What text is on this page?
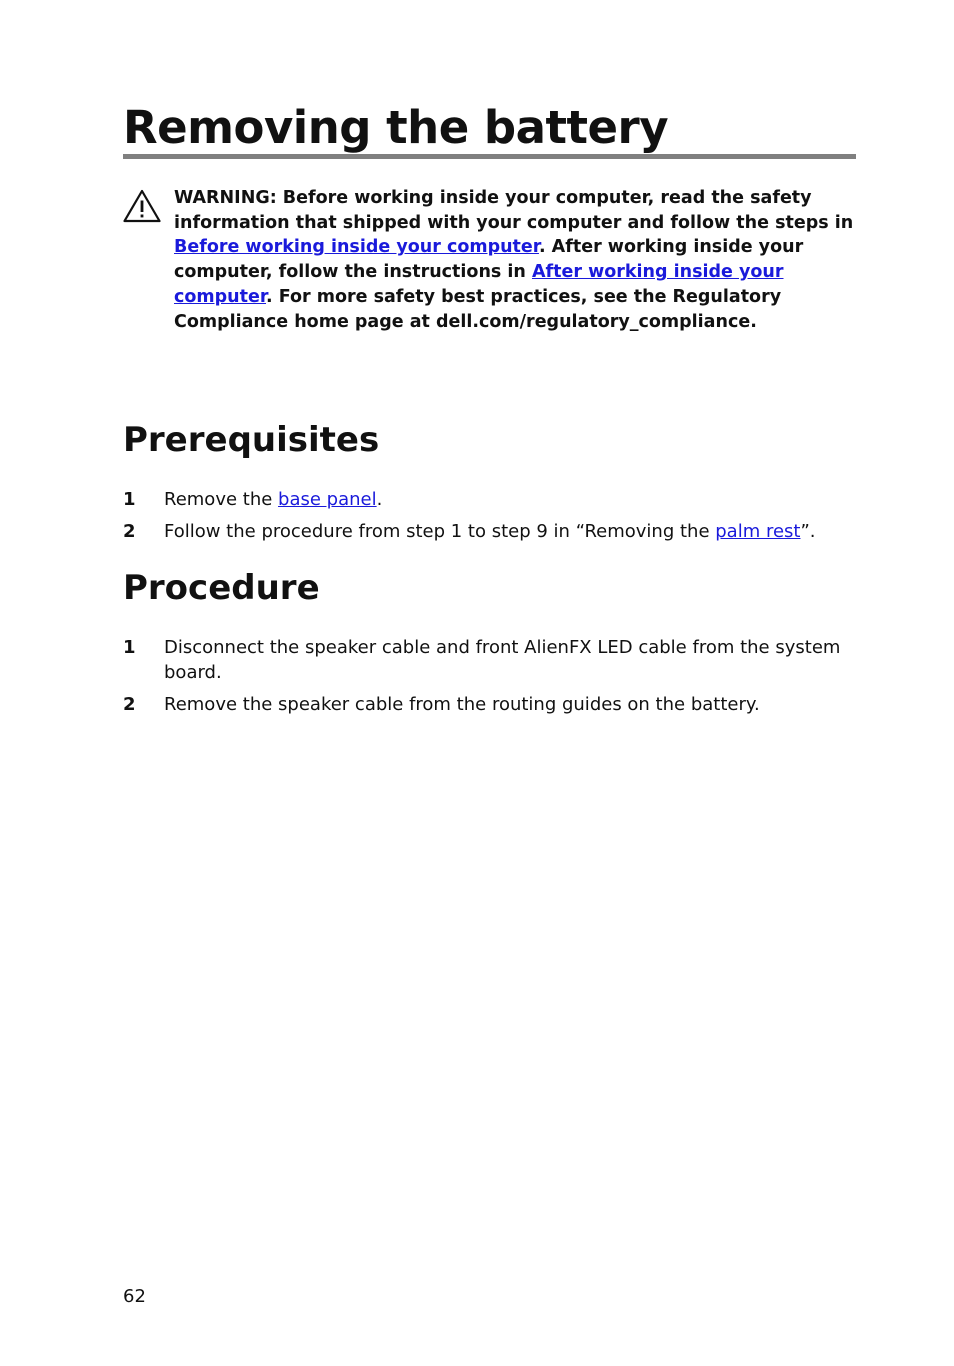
Removing the battery
WARNING: Before working inside your computer, read the safety information that shipped with your computer and follow the steps in Before working inside your computer. After working inside your computer, follow the instructions in After working inside your computer. For more safety best practices, see the Regulatory Compliance home page at dell.com/regulatory_compliance.
Prerequisites
1 Remove the base panel.
2 Follow the procedure from step 1 to step 9 in “Removing the palm rest”.
Procedure
1 Disconnect the speaker cable and front AlienFX LED cable from the system board.
2 Remove the speaker cable from the routing guides on the battery.
62
